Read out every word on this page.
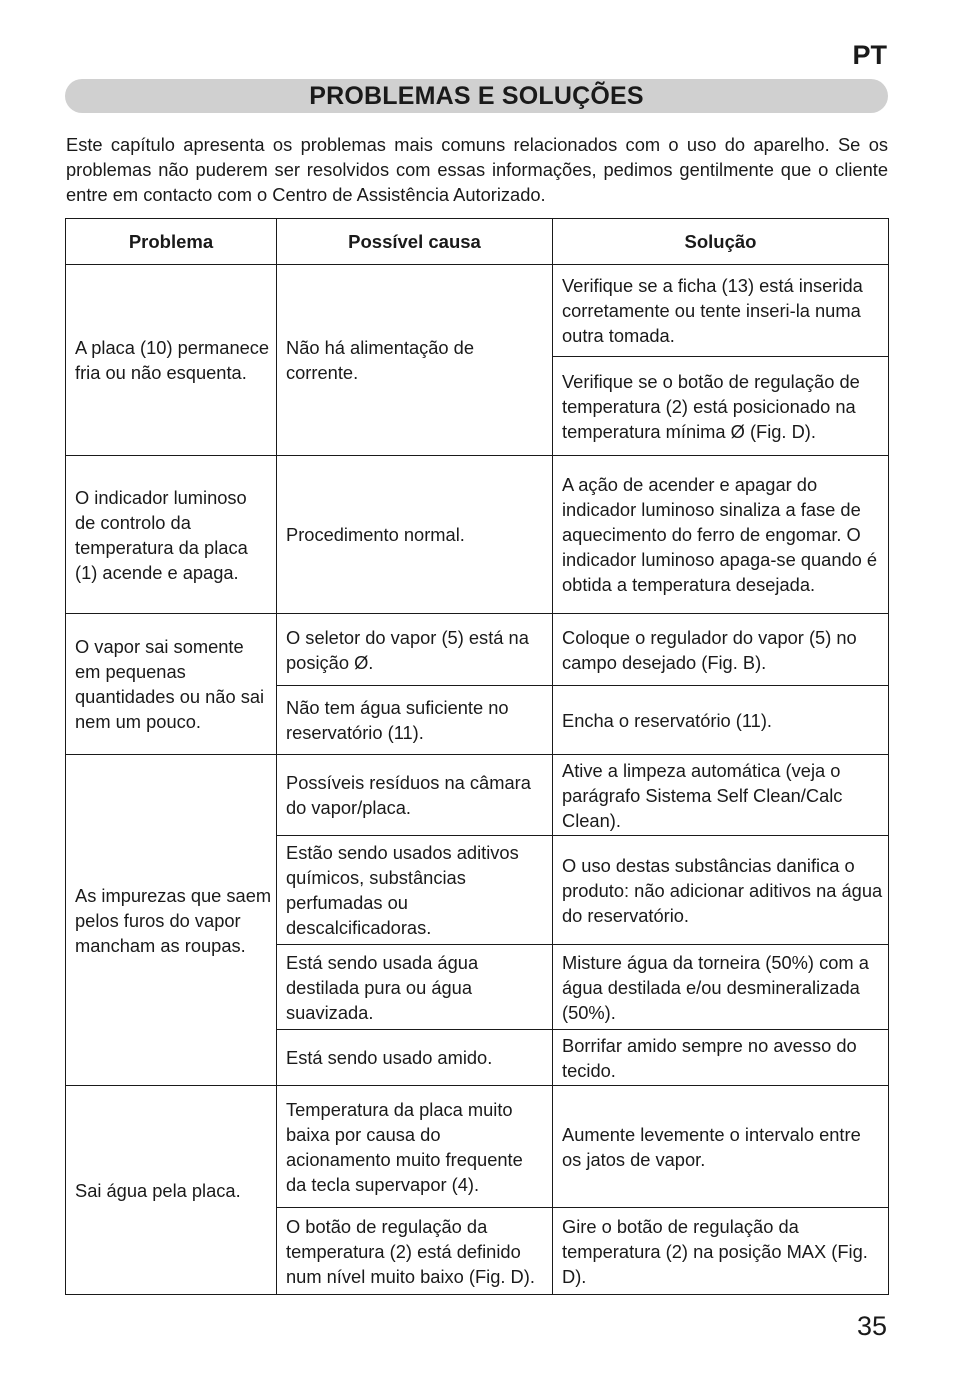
PT
PROBLEMAS E SOLUÇÕES
Este capítulo apresenta os problemas mais comuns relacionados com o uso do aparelho. Se os problemas não puderem ser resolvidos com essas informações, pedimos gentilmente que o cliente entre em contacto com o Centro de Assistência Autorizado.
Problema	Possível causa	Solução
A placa (10) permanece fria ou não esquenta.	Não há alimentação de corrente.	Verifique se a ficha (13) está inserida corretamente ou tente inseri-la numa outra tomada.
		Verifique se o botão de regulação de temperatura (2) está posicionado na temperatura mínima Ø (Fig. D).
O indicador luminoso de controlo da temperatura da placa (1) acende e apaga.	Procedimento normal.	A ação de acender e apagar do indicador luminoso sinaliza a fase de aquecimento do ferro de engomar. O indicador luminoso apaga-se quando é obtida a temperatura desejada.
O vapor sai somente em pequenas quantidades ou não sai nem um pouco.	O seletor do vapor (5) está na posição Ø.	Coloque o regulador do vapor (5) no campo desejado (Fig. B).
	Não tem água suficiente no reservatório (11).	Encha o reservatório (11).
As impurezas que saem pelos furos do vapor mancham as roupas.	Possíveis resíduos na câmara do vapor/placa.	Ative a limpeza automática (veja o parágrafo Sistema Self Clean/Calc Clean).
	Estão sendo usados aditivos químicos, substâncias perfumadas ou descalcificadoras.	O uso destas substâncias danifica o produto: não adicionar aditivos na água do reservatório.
	Está sendo usada água destilada pura ou água suavizada.	Misture água da torneira (50%) com a água destilada e/ou desmineralizada (50%).
	Está sendo usado amido.	Borrifar amido sempre no avesso do tecido.
Sai água pela placa.	Temperatura da placa muito baixa por causa do acionamento muito frequente da tecla supervapor (4).	Aumente levemente o intervalo entre os jatos de vapor.
	O botão de regulação da temperatura (2) está definido num nível muito baixo (Fig. D).	Gire o botão de regulação da temperatura (2) na posição MAX (Fig. D).
35
